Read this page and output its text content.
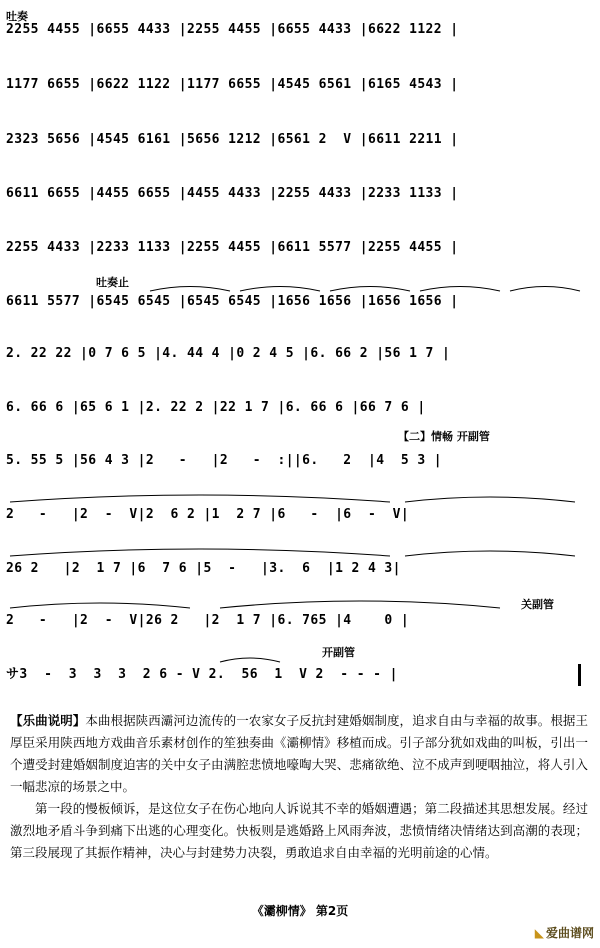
吐奏
2255 4455 |6655 4433 |2255 4455 |6655 4433 |6622 1122 |
1177 6655 |6622 1122 |1177 6655 |4545 6561 |6165 4543 |
2323 5656 |4545 6161 |5656 1212 |6561 2  V |6611 2211 |
6611 6655 |4455 6655 |4455 4433 |2255 4433 |2233 1133 |
2255 4433 |2233 1133 |2255 4455 |6611 5577 |2255 4455 |
吐奏止
6611 5577 |6545 6545 |6545 6545 |1656 1656 |1656 1656 |
2. 22 22 |0 7 6 5 |4. 44 4 |0 2 4 5 |6. 66 2 |56 1 7 |
6. 66 6 |65 6 1 |2. 22 2 |22 1 7 |6. 66 6 |66 7 6 |
【二】情畅 开副管
5. 55 5 |56 4 3 |2   -   |2   -  :||6.   2  |4  5 3 |
2   -   |2  -  V|2  6 2 |1  2 7 |6   -  |6  -  V|
26 2   |2  1 7 |6  7 6 |5  -   |3.  6  |1 2 4 3|
关副管
2   -   |2  -  V|26 2   |2  1 7 |6. 765 |4    0 |
开副管
サ3  -  3  3  3  2 6 - V 2.  56  1  V 2  - - - |

【乐曲说明】本曲根据陕西灞河边流传的一农家女子反抗封建婚姻制度，追求自由与幸福的故事。根据王厚臣采用陕西地方戏曲音乐素材创作的笙独奏曲《灞柳情》移植而成。引子部分犹如戏曲的叫板，引出一个遭受封建婚姻制度迫害的关中女子由满腔悲愤地嚎啕大哭、悲痛欲绝、泣不成声到哽咽抽泣，将人引入一幅悲凉的场景之中。

第一段的慢板倾诉，是这位女子在伤心地向人诉说其不幸的婚姻遭遇；第二段描述其思想发展。经过激烈地矛盾斗争到痛下出逃的心理变化。快板则是逃婚路上风雨奔波，悲愤情绪决情绪达到高潮的表现；第三段展现了其振作精神，决心与封建势力决裂，勇敢追求自由幸福的光明前途的心情。

《灞柳情》 第2页
◣ 爱曲谱网
